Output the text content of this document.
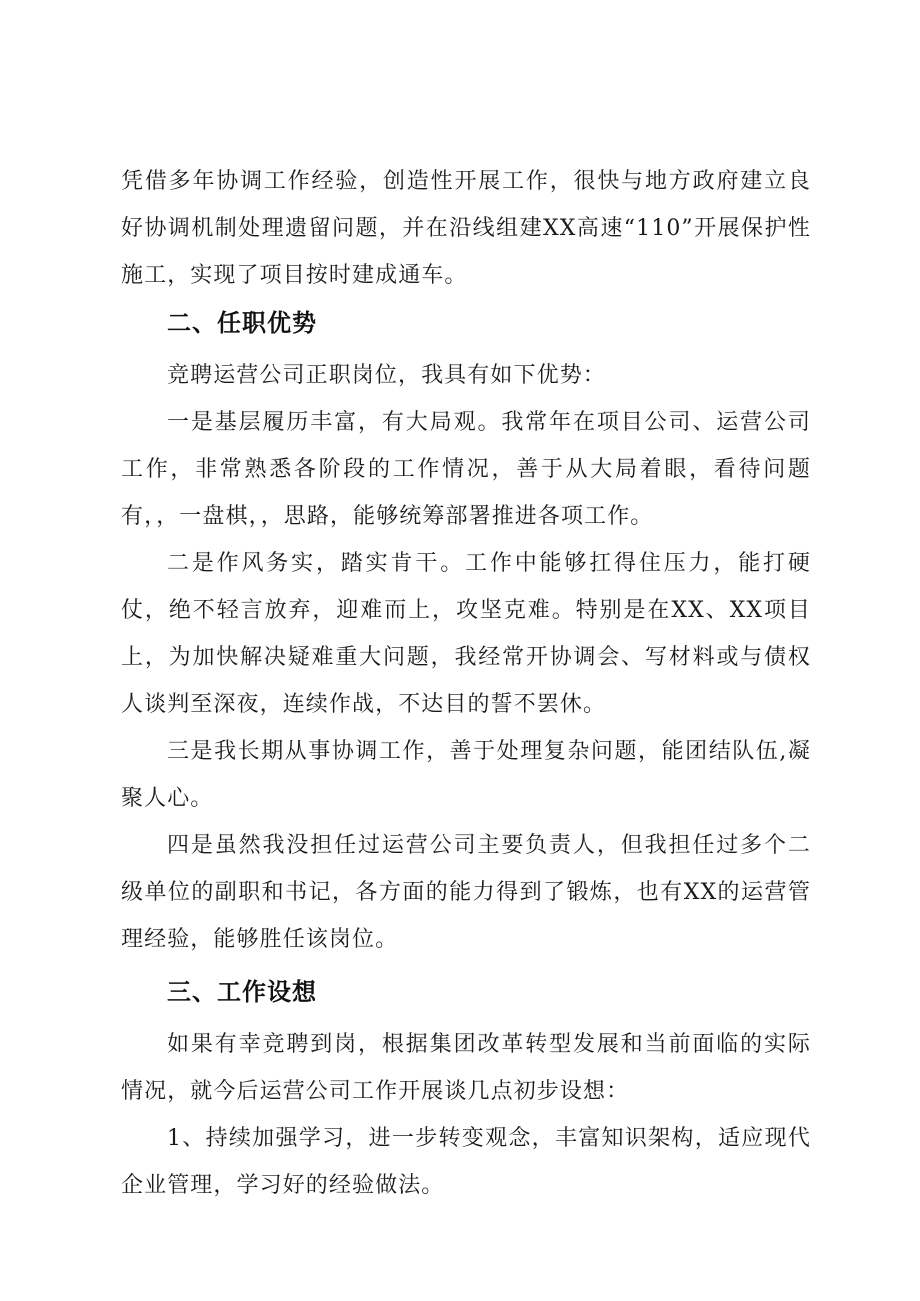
凭借多年协调工作经验，创造性开展工作，很快与地方政府建立良好协调机制处理遗留问题，并在沿线组建XX高速“110”开展保护性施工，实现了项目按时建成通车。

二、任职优势

竞聘运营公司正职岗位，我具有如下优势：

一是基层履历丰富，有大局观。我常年在项目公司、运营公司工作，非常熟悉各阶段的工作情况，善于从大局着眼，看待问题有，，一盘棋，，思路，能够统筹部署推进各项工作。

二是作风务实，踏实肯干。工作中能够扛得住压力，能打硬仗，绝不轻言放弃，迎难而上，攻坚克难。特别是在XX、XX项目上，为加快解决疑难重大问题，我经常开协调会、写材料或与债权人谈判至深夜，连续作战，不达目的誓不罢休。

三是我长期从事协调工作，善于处理复杂问题，能团结队伍,凝聚人心。

四是虽然我没担任过运营公司主要负责人，但我担任过多个二级单位的副职和书记，各方面的能力得到了锻炼，也有XX的运营管理经验，能够胜任该岗位。

三、工作设想

如果有幸竞聘到岗，根据集团改革转型发展和当前面临的实际情况，就今后运营公司工作开展谈几点初步设想：

1、持续加强学习，进一步转变观念，丰富知识架构，适应现代企业管理，学习好的经验做法。
